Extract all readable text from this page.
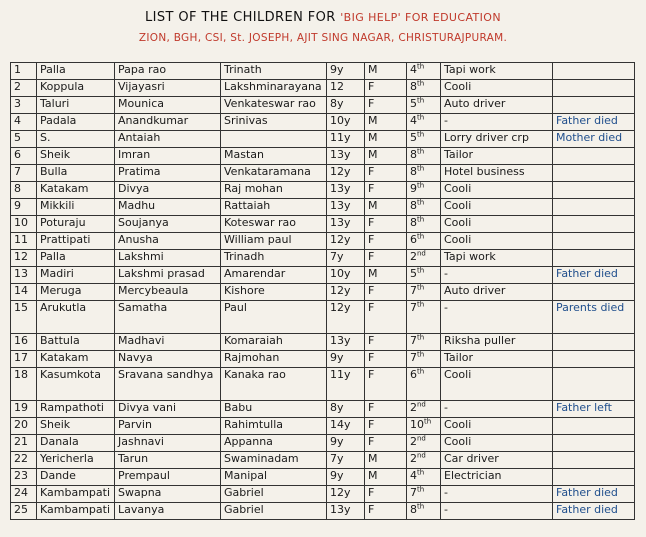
LIST OF THE CHILDREN FOR 'BIG HELP' FOR EDUCATION
ZION, BGH, CSI, St. JOSEPH, AJIT SING NAGAR, CHRISTURAJPURAM.
1	Palla	Papa rao	Trinath	9y	M	4th	Tapi work	
2	Koppula	Vijayasri	Lakshminarayana	12	F	8th	Cooli	
3	Taluri	Mounica	Venkateswar rao	8y	F	5th	Auto driver	
4	Padala	Anandkumar	Srinivas	10y	M	4th	-	Father died
5	S.	Antaiah		11y	M	5th	Lorry driver crp	Mother died
6	Sheik	Imran	Mastan	13y	M	8th	Tailor	
7	Bulla	Pratima	Venkataramana	12y	F	8th	Hotel business	
8	Katakam	Divya	Raj mohan	13y	F	9th	Cooli	
9	Mikkili	Madhu	Rattaiah	13y	M	8th	Cooli	
10	Poturaju	Soujanya	Koteswar rao	13y	F	8th	Cooli	
11	Prattipati	Anusha	William paul	12y	F	6th	Cooli	
12	Palla	Lakshmi	Trinadh	7y	F	2nd	Tapi work	
13	Madiri	Lakshmi prasad	Amarendar	10y	M	5th	-	Father died
14	Meruga	Mercybeaula	Kishore	12y	F	7th	Auto driver	
15	Arukutla	Samatha	Paul	12y	F	7th	-	Parents died
16	Battula	Madhavi	Komaraiah	13y	F	7th	Riksha puller	
17	Katakam	Navya	Rajmohan	9y	F	7th	Tailor	
18	Kasumkota	Sravana sandhya	Kanaka rao	11y	F	6th	Cooli	
19	Rampathoti	Divya vani	Babu	8y	F	2nd	-	Father left
20	Sheik	Parvin	Rahimtulla	14y	F	10th	Cooli	
21	Danala	Jashnavi	Appanna	9y	F	2nd	Cooli	
22	Yericherla	Tarun	Swaminadam	7y	M	2nd	Car driver	
23	Dande	Prempaul	Manipal	9y	M	4th	Electrician	
24	Kambampati	Swapna	Gabriel	12y	F	7th	-	Father died
25	Kambampati	Lavanya	Gabriel	13y	F	8th	-	Father died
